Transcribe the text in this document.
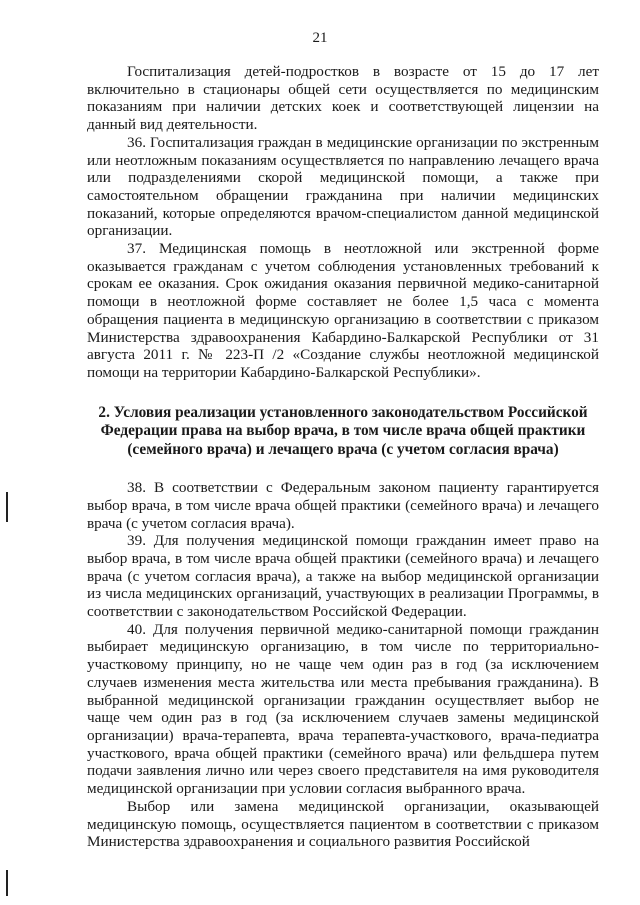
21

Госпитализация детей-подростков в возрасте от 15 до 17 лет включительно в стационары общей сети осуществляется по медицинским показаниям при наличии детских коек и соответствующей лицензии на данный вид деятельности.

36. Госпитализация граждан в медицинские организации по экстренным или неотложным показаниям осуществляется по направлению лечащего врача или подразделениями скорой медицинской помощи, а также при самостоятельном обращении гражданина при наличии медицинских показаний, которые определяются врачом-специалистом данной медицинской организации.

37. Медицинская помощь в неотложной или экстренной форме оказывается гражданам с учетом соблюдения установленных требований к срокам ее оказания. Срок ожидания оказания первичной медико-санитарной помощи в неотложной форме составляет не более 1,5 часа с момента обращения пациента в медицинскую организацию в соответствии с приказом Министерства здравоохранения Кабардино-Балкарской Республики от 31 августа 2011 г. № 223-П /2 «Создание службы неотложной медицинской помощи на территории Кабардино-Балкарской Республики».

2. Условия реализации установленного законодательством Российской Федерации права на выбор врача, в том числе врача общей практики (семейного врача) и лечащего врача (с учетом согласия врача)

38. В соответствии с Федеральным законом пациенту гарантируется выбор врача, в том числе врача общей практики (семейного врача) и лечащего врача (с учетом согласия врача).

39. Для получения медицинской помощи гражданин имеет право на выбор врача, в том числе врача общей практики (семейного врача) и лечащего врача (с учетом согласия врача), а также на выбор медицинской организации из числа медицинских организаций, участвующих в реализации Программы, в соответствии с законодательством Российской Федерации.

40. Для получения первичной медико-санитарной помощи гражданин выбирает медицинскую организацию, в том числе по территориально-участковому принципу, но не чаще чем один раз в год (за исключением случаев изменения места жительства или места пребывания гражданина). В выбранной медицинской организации гражданин осуществляет выбор не чаще чем один раз в год (за исключением случаев замены медицинской организации) врача-терапевта, врача терапевта-участкового, врача-педиатра участкового, врача общей практики (семейного врача) или фельдшера путем подачи заявления лично или через своего представителя на имя руководителя медицинской организации при условии согласия выбранного врача.

Выбор или замена медицинской организации, оказывающей медицинскую помощь, осуществляется пациентом в соответствии с приказом Министерства здравоохранения и социального развития Российской
